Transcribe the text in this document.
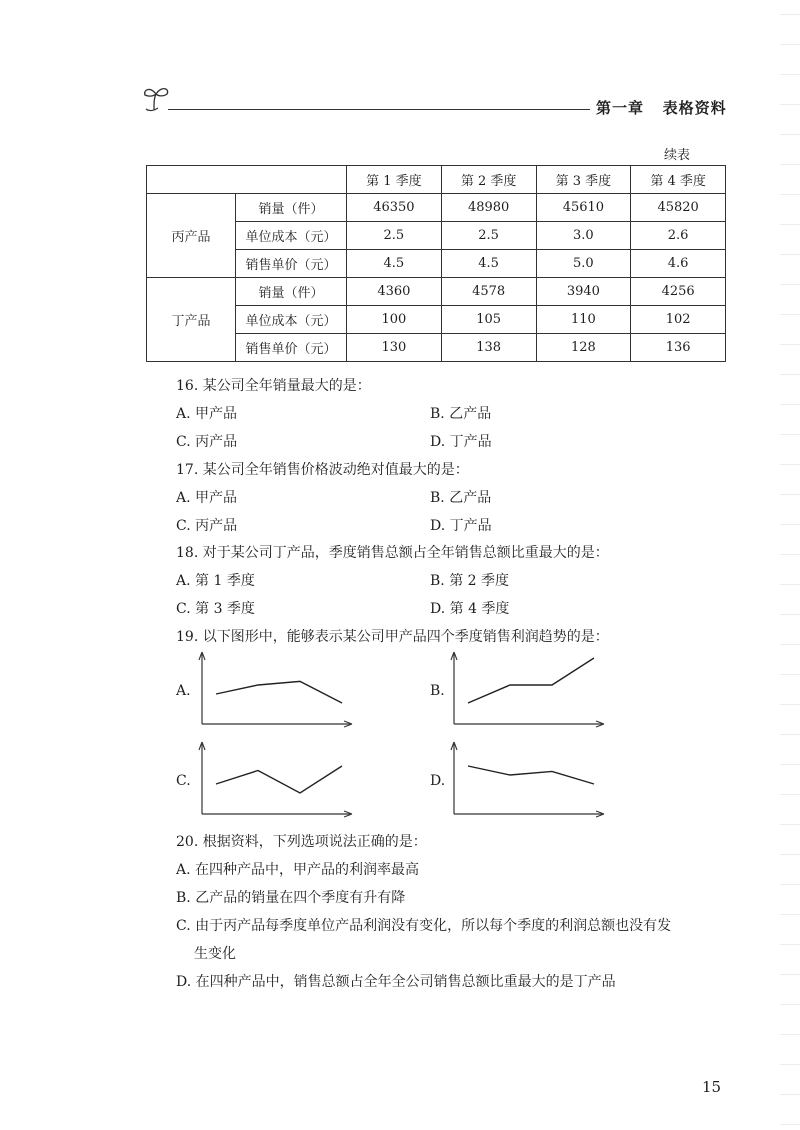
第一章   表格资料
续表
		第 1 季度	第 2 季度	第 3 季度	第 4 季度
丙产品	销量（件）	46350	48980	45610	45820
	单位成本（元）	2.5	2.5	3.0	2.6
	销售单价（元）	4.5	4.5	5.0	4.6
丁产品	销量（件）	4360	4578	3940	4256
	单位成本（元）	100	105	110	102
	销售单价（元）	130	138	128	136
16. 某公司全年销量最大的是：
A. 甲产品	B. 乙产品
C. 丙产品	D. 丁产品
17. 某公司全年销售价格波动绝对值最大的是：
A. 甲产品	B. 乙产品
C. 丙产品	D. 丁产品
18. 对于某公司丁产品，季度销售总额占全年销售总额比重最大的是：
A. 第 1 季度	B. 第 2 季度
C. 第 3 季度	D. 第 4 季度
19. 以下图形中，能够表示某公司甲产品四个季度销售利润趋势的是：
A.	B.
C.	D.
20. 根据资料，下列选项说法正确的是：
A. 在四种产品中，甲产品的利润率最高
B. 乙产品的销量在四个季度有升有降
C. 由于丙产品每季度单位产品利润没有变化，所以每个季度的利润总额也没有发
生变化
D. 在四种产品中，销售总额占全年全公司销售总额比重最大的是丁产品
15
